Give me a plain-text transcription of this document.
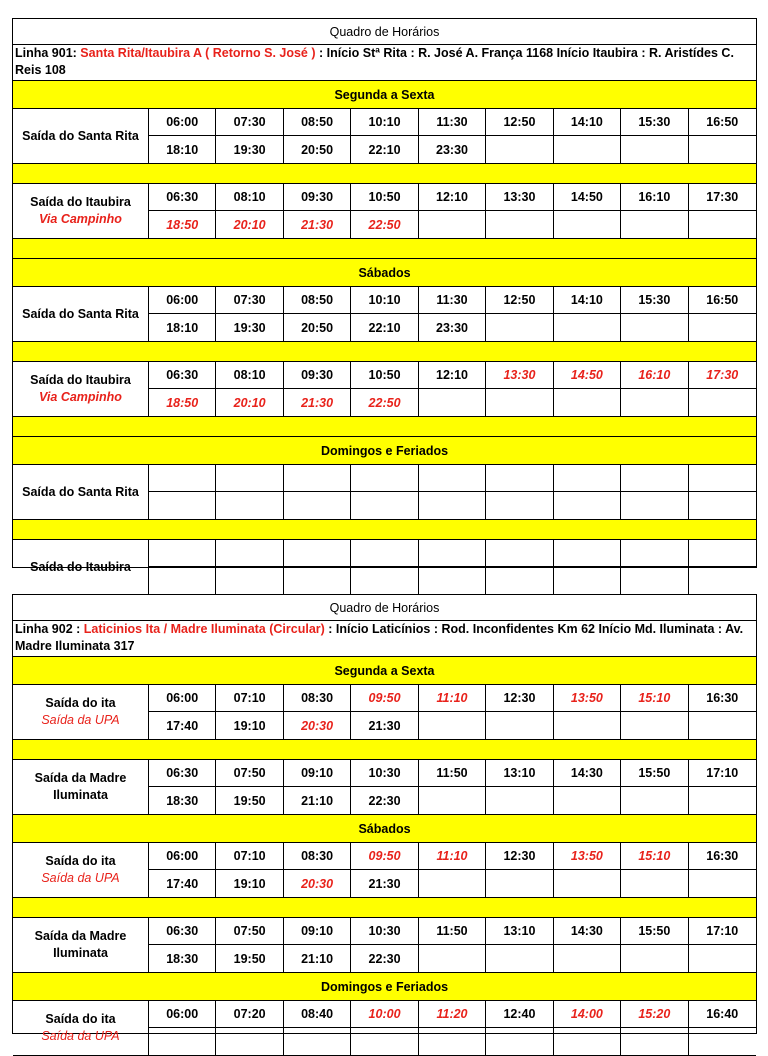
Quadro de Horários
Linha 901: Santa Rita/Itaubira A ( Retorno S. José ) : Início Stª Rita : R. José A. França 1168 Início Itaubira : R. Aristídes C. Reis 108
Segunda a Sexta
Saída do Santa Rita
06:00	07:30	08:50	10:10	11:30	12:50	14:10	15:30	16:50
18:10	19:30	20:50	22:10	23:30
Saída do Itaubira
Via Campinho
06:30	08:10	09:30	10:50	12:10	13:30	14:50	16:10	17:30
18:50	20:10	21:30	22:50
Sábados
Saída do Santa Rita
06:00	07:30	08:50	10:10	11:30	12:50	14:10	15:30	16:50
18:10	19:30	20:50	22:10	23:30
Saída do Itaubira
Via Campinho
06:30	08:10	09:30	10:50	12:10	13:30	14:50	16:10	17:30
18:50	20:10	21:30	22:50
Domingos e Feriados
Saída do Santa Rita
Saída do Itaubira
Quadro de Horários
Linha 902 : Laticinios Ita / Madre Iluminata (Circular) : Início Laticínios : Rod. Inconfidentes Km 62 Início Md. Iluminata : Av. Madre Iluminata 317
Segunda a Sexta
Saída do ita
Saída da UPA
06:00	07:10	08:30	09:50	11:10	12:30	13:50	15:10	16:30
17:40	19:10	20:30	21:30
Saída da Madre Iluminata
06:30	07:50	09:10	10:30	11:50	13:10	14:30	15:50	17:10
18:30	19:50	21:10	22:30
Sábados
Saída do ita
Saída da UPA
06:00	07:10	08:30	09:50	11:10	12:30	13:50	15:10	16:30
17:40	19:10	20:30	21:30
Saída da Madre Iluminata
06:30	07:50	09:10	10:30	11:50	13:10	14:30	15:50	17:10
18:30	19:50	21:10	22:30
Domingos e Feriados
Saída do ita
Saída da UPA
06:00	07:20	08:40	10:00	11:20	12:40	14:00	15:20	16:40
